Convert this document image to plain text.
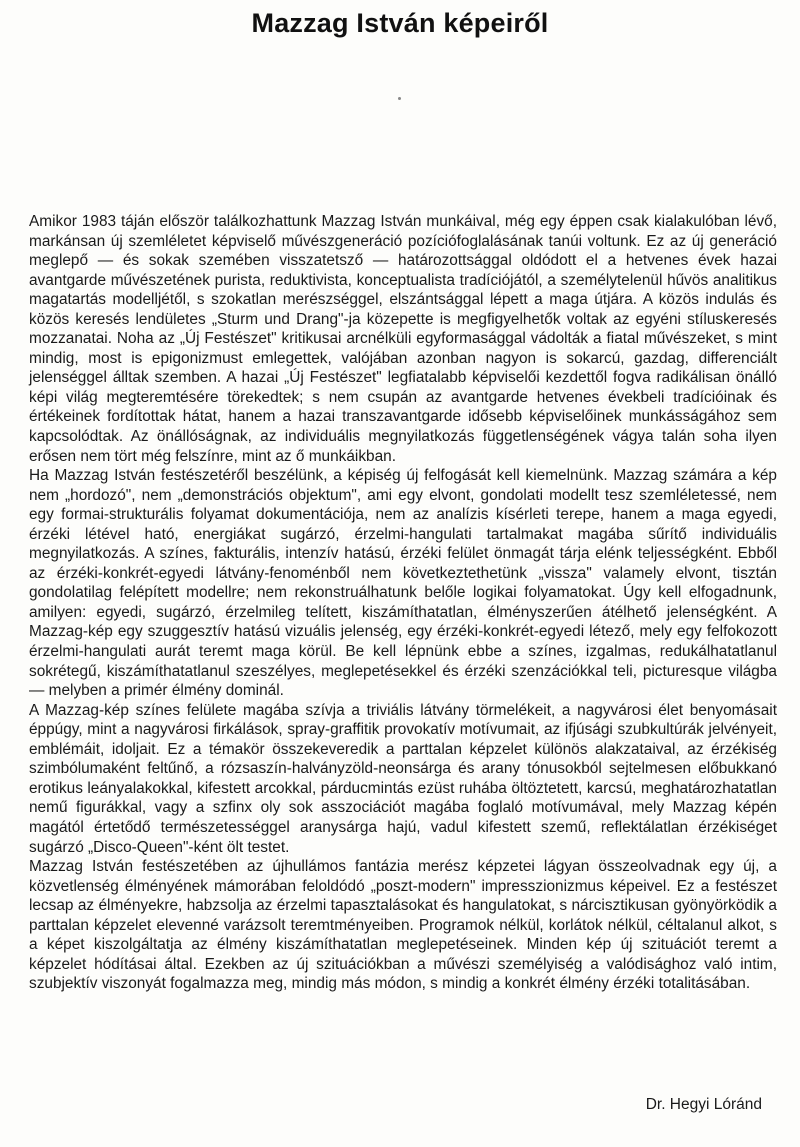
Mazzag István képeiről

Amikor 1983 táján először találkozhattunk Mazzag István munkáival, még egy éppen csak kialakulóban lévő, markánsan új szemléletet képviselő művészgeneráció pozíciófoglalásának tanúi voltunk. Ez az új generáció meglepő — és sokak szemében visszatetsző — határozottsággal oldódott el a hetvenes évek hazai avantgarde művészetének purista, reduktivista, konceptualista tradíciójától, a személytelenül hűvös analitikus magatartás modelljétől, s szokatlan merészséggel, elszántsággal lépett a maga útjára. A közös indulás és közös keresés lendületes „Sturm und Drang"-ja közepette is megfigyelhetők voltak az egyéni stíluskeresés mozzanatai. Noha az „Új Festészet" kritikusai arcnélküli egyformasággal vádolták a fiatal művészeket, s mint mindig, most is epigonizmust emlegettek, valójában azonban nagyon is sokarcú, gazdag, differenciált jelenséggel álltak szemben. A hazai „Új Festészet" legfiatalabb képviselői kezdettől fogva radikálisan önálló képi világ megteremtésére törekedtek; s nem csupán az avantgarde hetvenes évekbeli tradícióinak és értékeinek fordítottak hátat, hanem a hazai transzavantgarde idősebb képviselőinek munkásságához sem kapcsolódtak. Az önállóságnak, az individuális megnyilatkozás függetlenségének vágya talán soha ilyen erősen nem tört még felszínre, mint az ő munkáikban.

Ha Mazzag István festészetéről beszélünk, a képiség új felfogását kell kiemelnünk. Mazzag számára a kép nem „hordozó", nem „demonstrációs objektum", ami egy elvont, gondolati modellt tesz szemléletessé, nem egy formai-strukturális folyamat dokumentációja, nem az analízis kísérleti terepe, hanem a maga egyedi, érzéki létével ható, energiákat sugárzó, érzelmi-hangulati tartalmakat magába sűrítő individuális megnyilatkozás. A színes, fakturális, intenzív hatású, érzéki felület önmagát tárja elénk teljességként. Ebből az érzéki-konkrét-egyedi látvány-fenoménből nem következtethetünk „vissza" valamely elvont, tisztán gondolatilag felépített modellre; nem rekonstruálhatunk belőle logikai folyamatokat. Úgy kell elfogadnunk, amilyen: egyedi, sugárzó, érzelmileg telített, kiszámíthatatlan, élményszerűen átélhető jelenségként. A Mazzag-kép egy szuggesztív hatású vizuális jelenség, egy érzéki-konkrét-egyedi létező, mely egy felfokozott érzelmi-hangulati aurát teremt maga körül. Be kell lépnünk ebbe a színes, izgalmas, redukálhatatlanul sokrétegű, kiszámíthatatlanul szeszélyes, meglepetésekkel és érzéki szenzációkkal teli, picturesque világba — melyben a primér élmény dominál.

A Mazzag-kép színes felülete magába szívja a triviális látvány törmelékeit, a nagyvárosi élet benyomásait éppúgy, mint a nagyvárosi firkálások, spray-graffitik provokatív motívumait, az ifjúsági szubkultúrák jelvényeit, emblémáit, idoljait. Ez a témakör összekeveredik a parttalan képzelet különös alakzataival, az érzékiség szimbólumaként feltűnő, a rózsaszín-halványzöld-neonsárga és arany tónusokból sejtelmesen előbukkanó erotikus leányalakokkal, kifestett arcokkal, párducmintás ezüst ruhába öltöztetett, karcsú, meghatározhatatlan nemű figurákkal, vagy a szfinx oly sok asszociációt magába foglaló motívumával, mely Mazzag képén magától értetődő természetességgel aranysárga hajú, vadul kifestett szemű, reflektálatlan érzékiséget sugárzó „Disco-Queen"-ként ölt testet.

Mazzag István festészetében az újhullámos fantázia merész képzetei lágyan összeolvadnak egy új, a közvetlenség élményének mámorában feloldódó „poszt-modern" impresszionizmus képeivel. Ez a festészet lecsap az élményekre, habzsolja az érzelmi tapasztalásokat és hangulatokat, s nárcisztikusan gyönyörködik a parttalan képzelet elevenné varázsolt teremtményeiben. Programok nélkül, korlátok nélkül, céltalanul alkot, s a képet kiszolgáltatja az élmény kiszámíthatatlan meglepetéseinek. Minden kép új szituációt teremt a képzelet hódításai által. Ezekben az új szituációkban a művészi személyiség a valódisághoz való intim, szubjektív viszonyát fogalmazza meg, mindig más módon, s mindig a konkrét élmény érzéki totalitásában.

Dr. Hegyi Lóránd
